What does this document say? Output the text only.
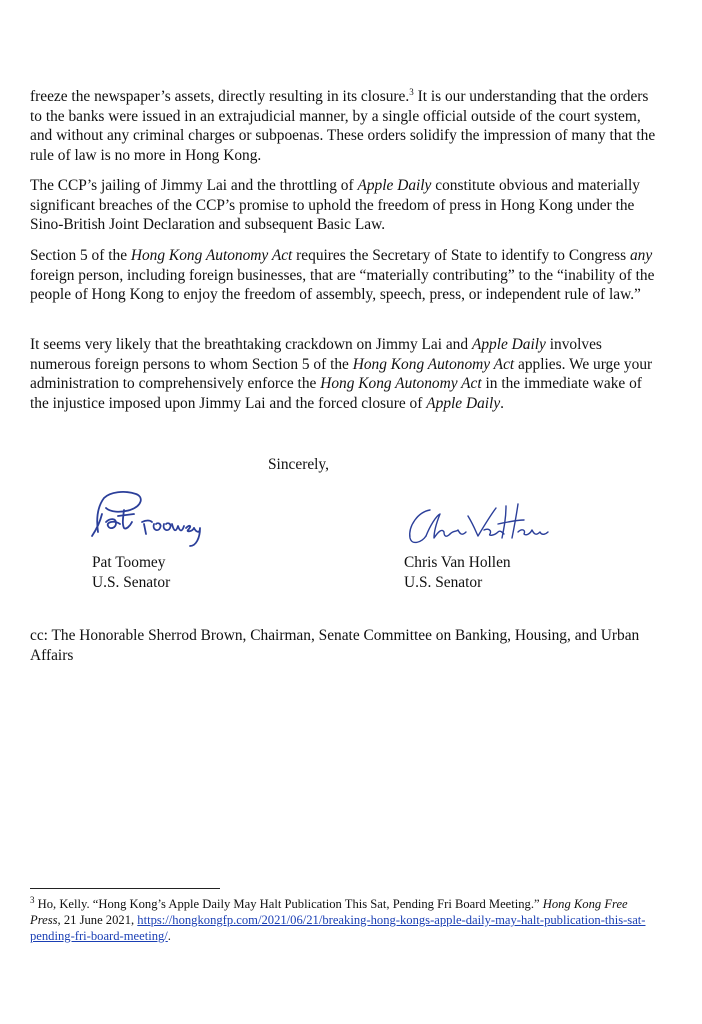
freeze the newspaper’s assets, directly resulting in its closure.$^3$ It is our understanding that the orders to the banks were issued in an extrajudicial manner, by a single official outside of the court system, and without any criminal charges or subpoenas. These orders solidify the impression of many that the rule of law is no more in Hong Kong.

The CCP’s jailing of Jimmy Lai and the throttling of Apple Daily constitute obvious and materially significant breaches of the CCP’s promise to uphold the freedom of press in Hong Kong under the Sino-British Joint Declaration and subsequent Basic Law.

Section 5 of the Hong Kong Autonomy Act requires the Secretary of State to identify to Congress any foreign person, including foreign businesses, that are “materially contributing” to the “inability of the people of Hong Kong to enjoy the freedom of assembly, speech, press, or independent rule of law.”

It seems very likely that the breathtaking crackdown on Jimmy Lai and Apple Daily involves numerous foreign persons to whom Section 5 of the Hong Kong Autonomy Act applies. We urge your administration to comprehensively enforce the Hong Kong Autonomy Act in the immediate wake of the injustice imposed upon Jimmy Lai and the forced closure of Apple Daily.

Sincerely,
Pat Toomey
U.S. Senator
Chris Van Hollen
U.S. Senator

cc: The Honorable Sherrod Brown, Chairman, Senate Committee on Banking, Housing, and Urban Affairs

$^3$ Ho, Kelly. “Hong Kong’s Apple Daily May Halt Publication This Sat, Pending Fri Board Meeting.” Hong Kong Free Press, 21 June 2021, https://hongkongfp.com/2021/06/21/breaking-hong-kongs-apple-daily-may-halt-publication-this-sat-pending-fri-board-meeting/.
